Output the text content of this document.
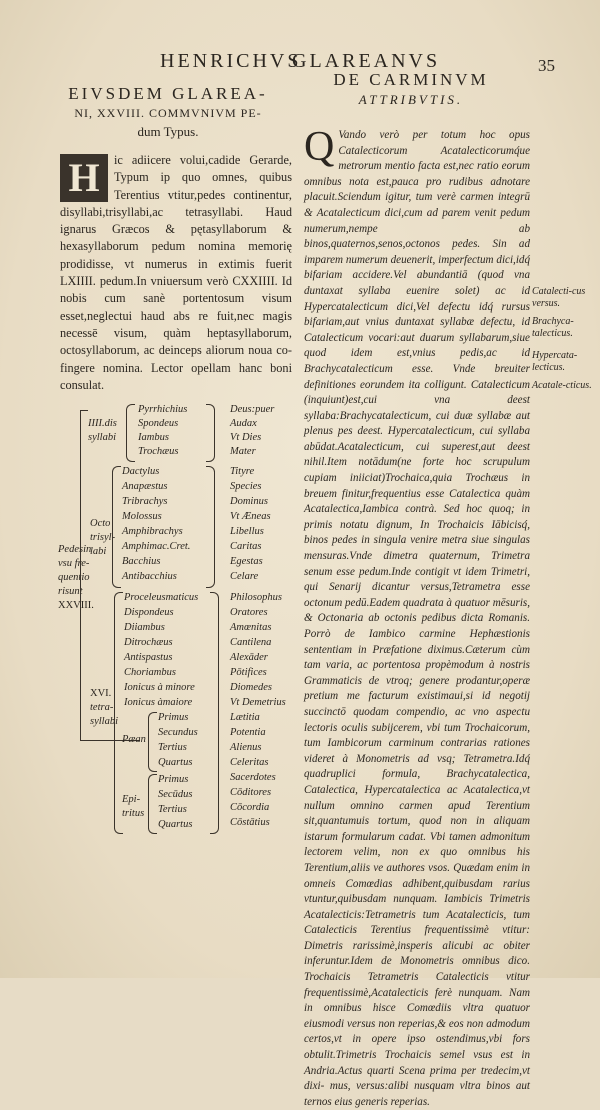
HENRICHVS
GLAREANVS	35
EIVSDEM GLAREA-
NI, XXVIII. COMMVNIVM PE-
dum Typus.
H	ic adiicere volui,cadide Gerarde, Typum ip quo omnes, quibus Terentius vtitur,pedes continentur, disyllabi,trisyllabi,ac tetrasyllabi. Haud ignarus Græcos & pętasyllaborum & hexasyllaborum pedum nomina memorię prodidisse, vt numerus in extimis fuerit LXIIII. pedum.In vniuersum verò CXXIIII. Id nobis cum sanè portentosum visum esset,neglectui haud abs re fuit,nec magis necessē visum, quàm heptasyllaborum, octosyllaborum, ac deinceps aliorum noua co- fingere nomina. Lector opellam hanc boni consulat.
IIII.dis
syllabi
Pyrrhichius
Spondeus
Iambus
Trochæus
Deus:puer
Audax
Vt Dies
Mater
Octo
trisyl-
labi
Dactylus
Anapæstus
Tribrachys
Molossus
Amphibrachys
Amphimac.Cret.
Bacchius
Antibacchius
Tityre
Species
Dominus
Vt Æneas
Libellus
Caritas
Egestas
Celare
Pedesin
vsu fre-
quentio
risunt
XXVIII.
XVI.
tetra-
syllabi
Proceleusmaticus
Dispondeus
Diiambus
Ditrochæus
Antispastus
Choriambus
Ionicus à minore
Ionicus àmaiore
Pæan
Primus
Secundus
Tertius
Quartus
Epi-
tritus
Primus
Secūdus
Tertius
Quartus
Philosophus
Oratores
Amœnitas
Cantilena
Alexāder
Pōtifices
Diomedes
Vt Demetrius
Lætitia
Potentia
Alienus
Celeritas
Sacerdotes
Cōditores
Cōcordia
Cōstātius
DE CARMINVM
ATTRIBVTIS.
Q Vando verò per totum hoc opus Catalecticorum Acatalecticorumq́ue metrorum mentio facta est,nec ratio eorum omnibus nota est,pauca pro rudibus adnotare placuit.Sciendum igitur, tum verè carmen integrū & Acatalecticum dici,cum ad parem venit pedum numerum,nempe ab binos,quaternos,senos,octonos pedes. Sin ad imparem numerum deuenerit, imperfectum dici,idq́ bifariam accidere.Vel abundantiā (quod vna duntaxat syllaba euenire solet) ac id Hypercatalecticum dici,Vel defectu idq́ rursus bifariam,aut vnius duntaxat syllabæ defectu, id Catalecticum vocari:aut duarum syllabarum,siue quod idem est,vnius pedis,ac id Brachycatalecticum esse. Vnde breuiter definitiones eorundem ita colligunt. Catalecticum (inquiunt)est,cui vna deest syllaba:Brachycatalecticum, cui duæ syllabæ aut plenus pes deest. Hypercatalecticum, cui syllaba abūdat.Acatalecticum, cui superest,aut deest nihil.Item notādum(ne forte hoc scrupulum cupiam iniiciat)Trochaica,quia Trochæus in breuem finitur,frequentius esse Catalectica quàm Acatalectica,Iambica contrà. Sed hoc quoq; in primis notatu dignum, In Trochaicis Iābicisq́, binos pedes in singula venire metra siue singulas mensuras.Vnde dimetra quaternum, Trimetra senum esse pedum.Inde contigit vt idem Trimetri, qui Senarij dicantur versus,Tetrametra esse octonum pedū.Eadem quadrata à quatuor mēsuris, & Octonaria ab octonis pedibus dicta Romanis. Porrò de Iambico carmine Hephæstionis sententiam in Præfatione diximus.Cæterum cùm tam varia, ac portentosa propèmodum à nostris Grammaticis de vtroq; genere prodantur,operæ pretium me facturum existimaui,si id negotij succinctō quodam compendio, ac vno aspectu lectoris oculis subijcerem, vbi tum Trochaicorum, tum Iambicorum carminum contrarias rationes videret à Monometris ad vsq; Tetrametra.Idq́ quadruplici formula, Brachycatalectica, Catalectica, Hypercatalectica ac Acatalectica,vt nullum omnino carmen apud Terentium sit,quantumuis tortum, quod non in aliquam istarum formularum cadat. Vbi tamen admonitum lectorem velim, non ex quo omnibus his Terentium,aliis ve authores vsos. Quædam enim in omneis Comœdias adhibent,quibusdam rarius vtuntur,quibusdam nunquam. Iambicis Trimetris Acatalecticis:Tetrametris tum Acatalecticis, tum Catalecticis Terentius frequentissimè vtitur: Dimetris rarissimè,insperis alicubi ac obiter inferuntur.Idem de Monometris omnibus dico. Trochaicis Tetrametris Catalecticis vtitur frequentissimè,Acatalecticis ferè nunquam. Nam in omnibus hisce Comœdiis vltra quatuor eiusmodi versus non reperias,& eos non admodum certos,vt in opere ipso ostendimus,vbi fors obtulit.Trimetris Trochaicis semel vsus est in Andria.Actus quarti Scena prima per tredecim,vt dixi- mus, versus:alibi nusquam vltra binos aut ternos eius generis reperias.
Catalecti-cus versus.
Brachyca-talecticus.
Hypercata-lecticus.
Acatale-cticus.
